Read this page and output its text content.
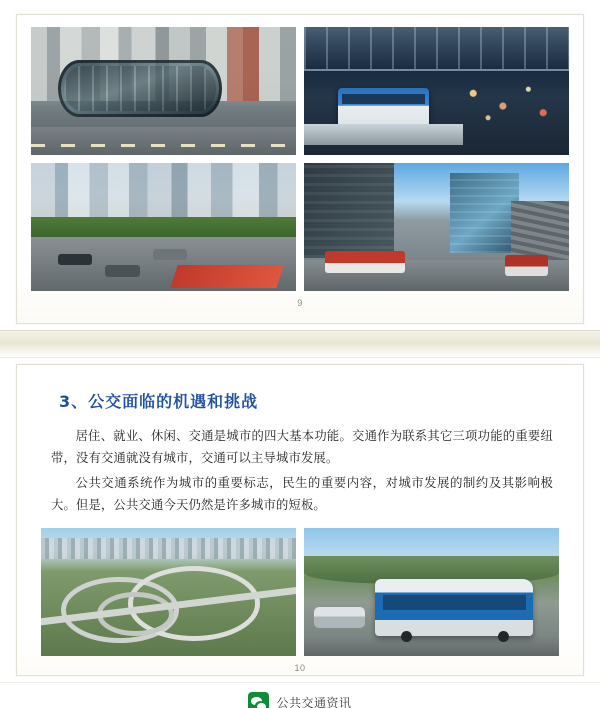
9
3、公交面临的机遇和挑战

居住、就业、休闲、交通是城市的四大基本功能。交通作为联系其它三项功能的重要纽带，没有交通就没有城市，交通可以主导城市发展。

公共交通系统作为城市的重要标志，民生的重要内容，对城市发展的制约及其影响极大。但是，公共交通今天仍然是许多城市的短板。

10
公共交通资讯
